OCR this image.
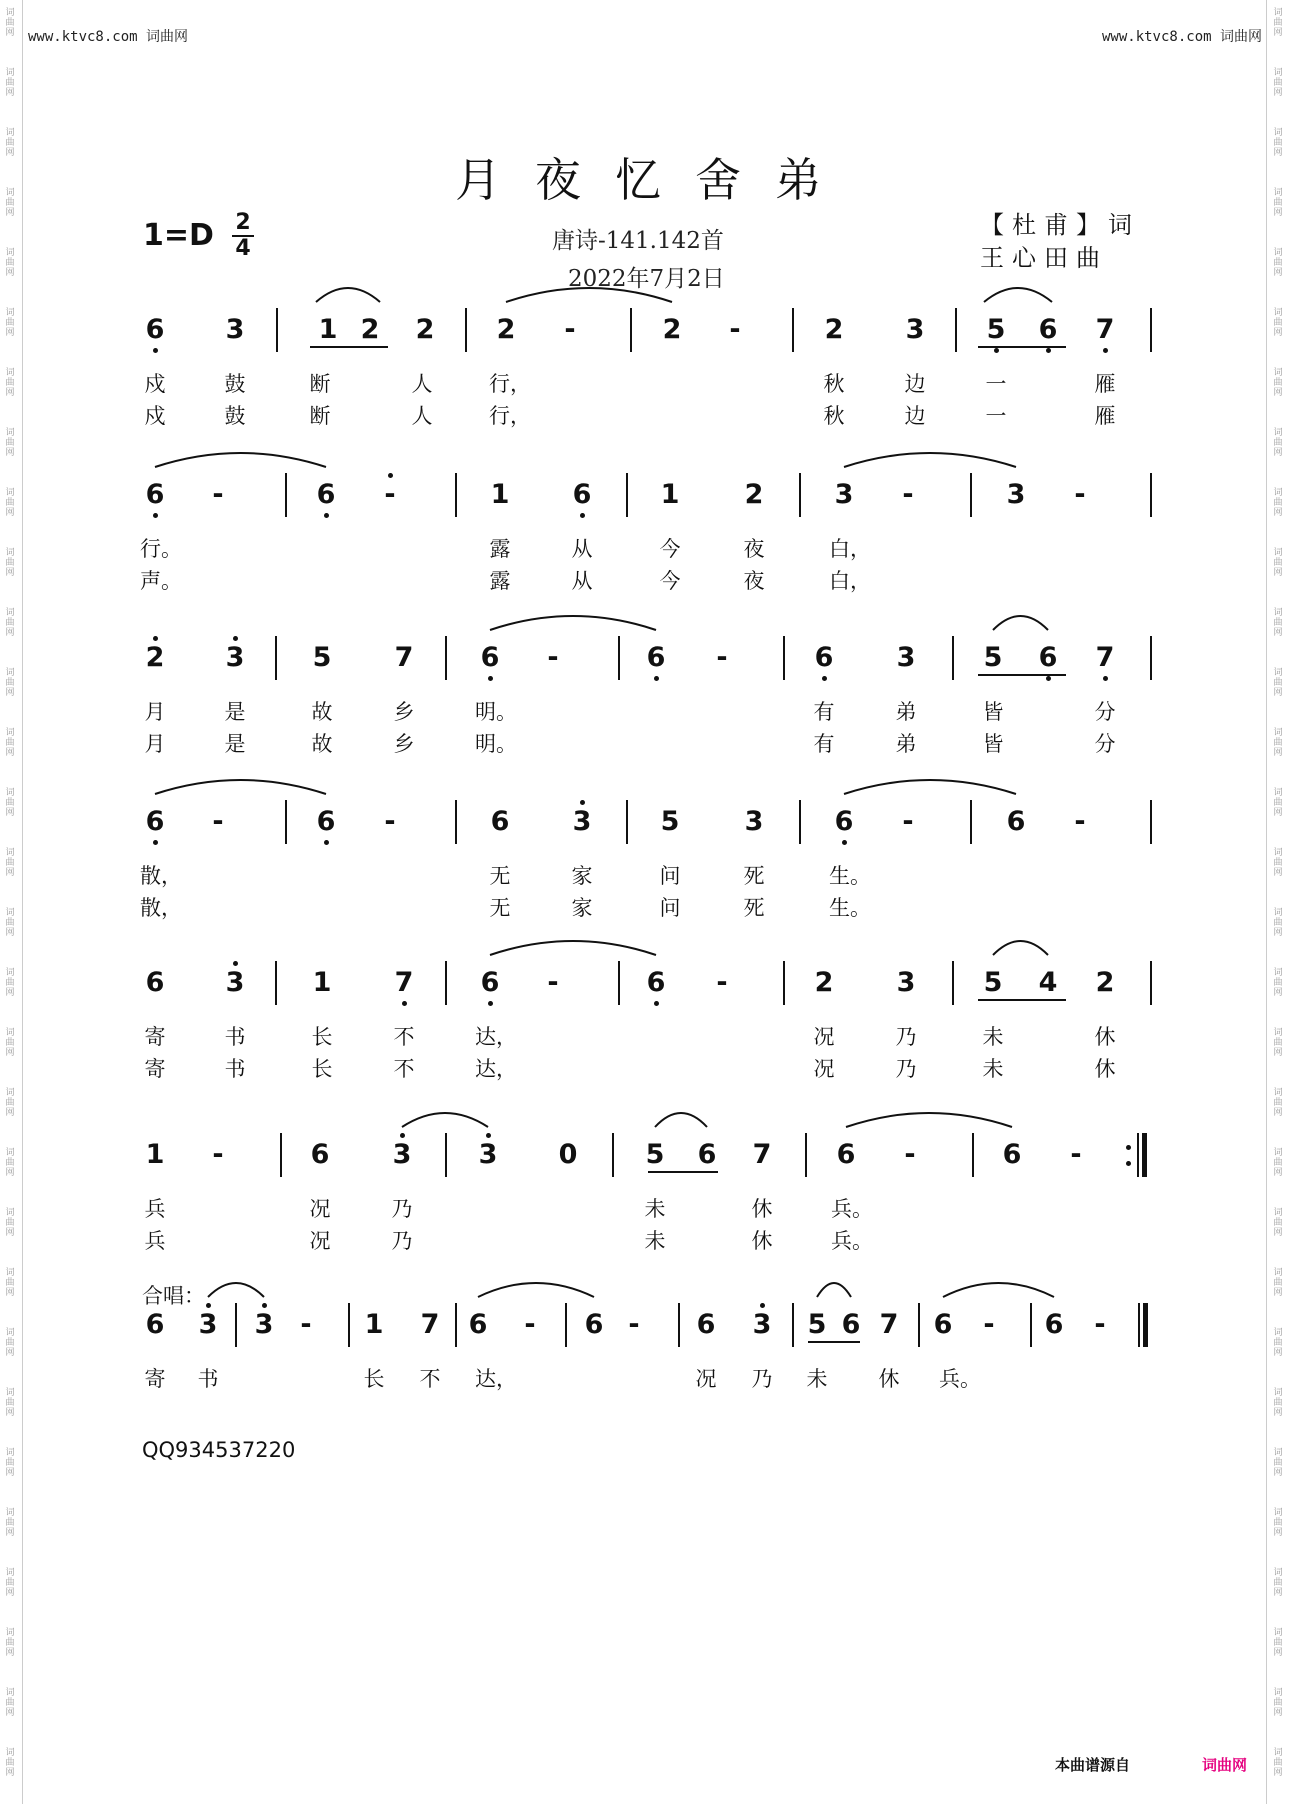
词
曲
网
词
曲
网
词
曲
网
词
曲
网
词
曲
网
词
曲
网
词
曲
网
词
曲
网
词
曲
网
词
曲
网
词
曲
网
词
曲
网
词
曲
网
词
曲
网
词
曲
网
词
曲
网
词
曲
网
词
曲
网
词
曲
网
词
曲
网
词
曲
网
词
曲
网
词
曲
网
词
曲
网
词
曲
网
词
曲
网
词
曲
网
词
曲
网
词
曲
网
词
曲
网
词
曲
网
词
曲
网
词
曲
网
词
曲
网
词
曲
网
词
曲
网
词
曲
网
词
曲
网
词
曲
网
词
曲
网
词
曲
网
词
曲
网
词
曲
网
词
曲
网
词
曲
网
词
曲
网
词
曲
网
词
曲
网
词
曲
网
词
曲
网
词
曲
网
词
曲
网
词
曲
网
词
曲
网
词
曲
网
词
曲
网
词
曲
网
词
曲
网
词
曲
网
词
曲
网
www.ktvc8.com 词曲网	www.ktvc8.com 词曲网
月夜忆舍弟
1=D 2
4	唐诗-141.142首
2022年7月2日
【杜甫】词
王心田曲
6 3	1 2 2 2	-	2	-	2 3 5 6 7
戍	鼓	断	人	行，	秋	边	一	雁
戍	鼓	断	人	行，	秋	边	一	雁
6	-	6	-	1 6	1 2	3	-	3	-
行。	露	从	今	夜	白，
声。	露	从	今	夜	白，
2 3	5 7 6	-	6	-	6 3	5 6 7
月	是	故	乡	明。	有	弟	皆	分
月	是	故	乡	明。	有	弟	皆	分
6	-	6	-	6 3	5 3	6	-	6	-
散，	无	家	问	死	生。
散，	无	家	问	死	生。
6 3	1 7 6	-	6	-	2 3	5 4 2
寄	书	长	不	达，	况	乃	未	休
寄	书	长	不	达，	况	乃	未	休
1	-	6 3 3 0	5 6 7 6	-	6	-
兵	况	乃	未	休	兵。
兵	况	乃	未	休	兵。
6 3 3	-	1 7 6	-	6 -	6 3 5 6 7 6	-	6	-
寄 书	长 不 达，	况 乃 未 休 兵。
合唱：
QQ934537220
本曲谱源自	词曲网
